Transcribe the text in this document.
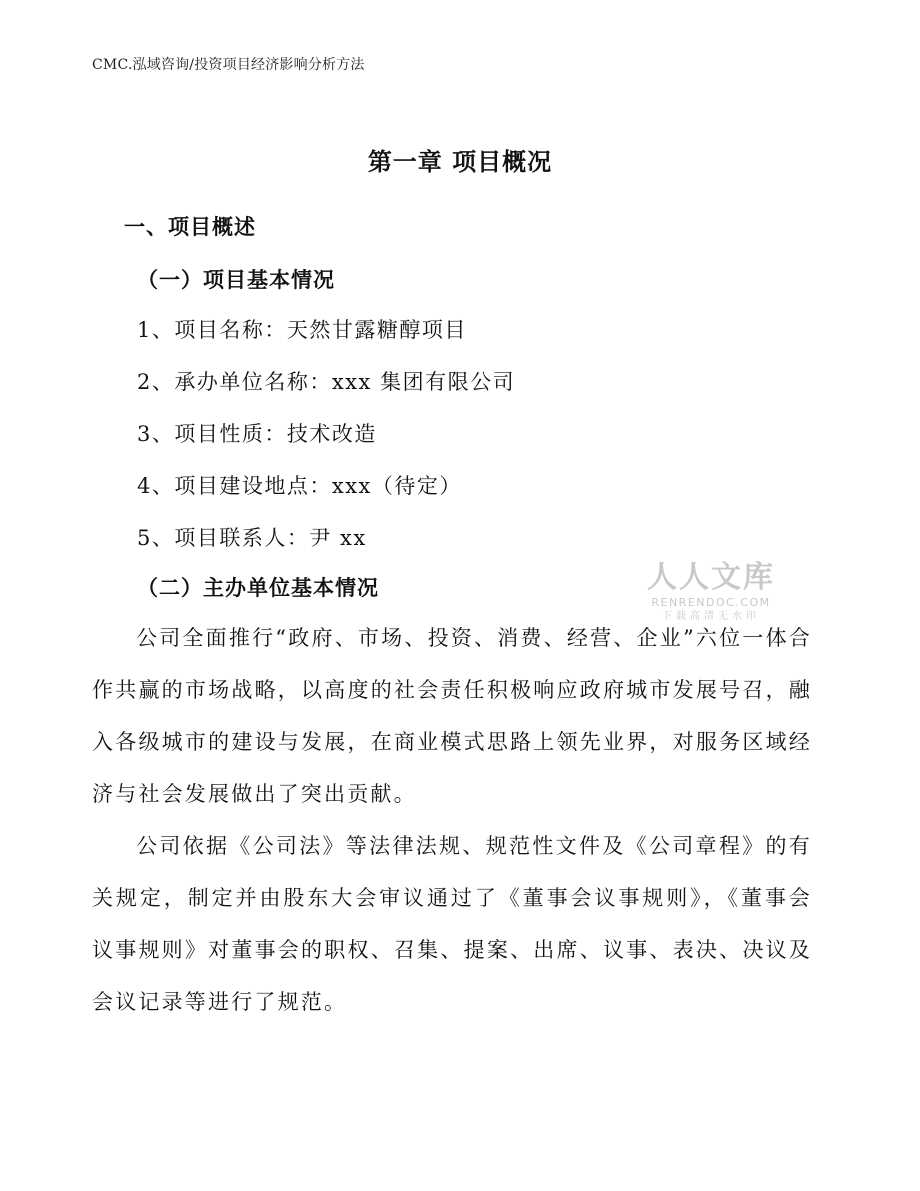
CMC.泓域咨询/投资项目经济影响分析方法
第一章 项目概况
一、项目概述
（一）项目基本情况
1、项目名称：天然甘露糖醇项目
2、承办单位名称：xxx 集团有限公司
3、项目性质：技术改造
4、项目建设地点：xxx（待定）
5、项目联系人：尹 xx
（二）主办单位基本情况
公司全面推行“政府、市场、投资、消费、经营、企业”六位一体合作共赢的市场战略，以高度的社会责任积极响应政府城市发展号召，融入各级城市的建设与发展，在商业模式思路上领先业界，对服务区域经济与社会发展做出了突出贡献。
公司依据《公司法》等法律法规、规范性文件及《公司章程》的有关规定，制定并由股东大会审议通过了《董事会议事规则》，《董事会议事规则》对董事会的职权、召集、提案、出席、议事、表决、决议及会议记录等进行了规范。
人人文库
RENRENDOC.COM
下载高清无水印
